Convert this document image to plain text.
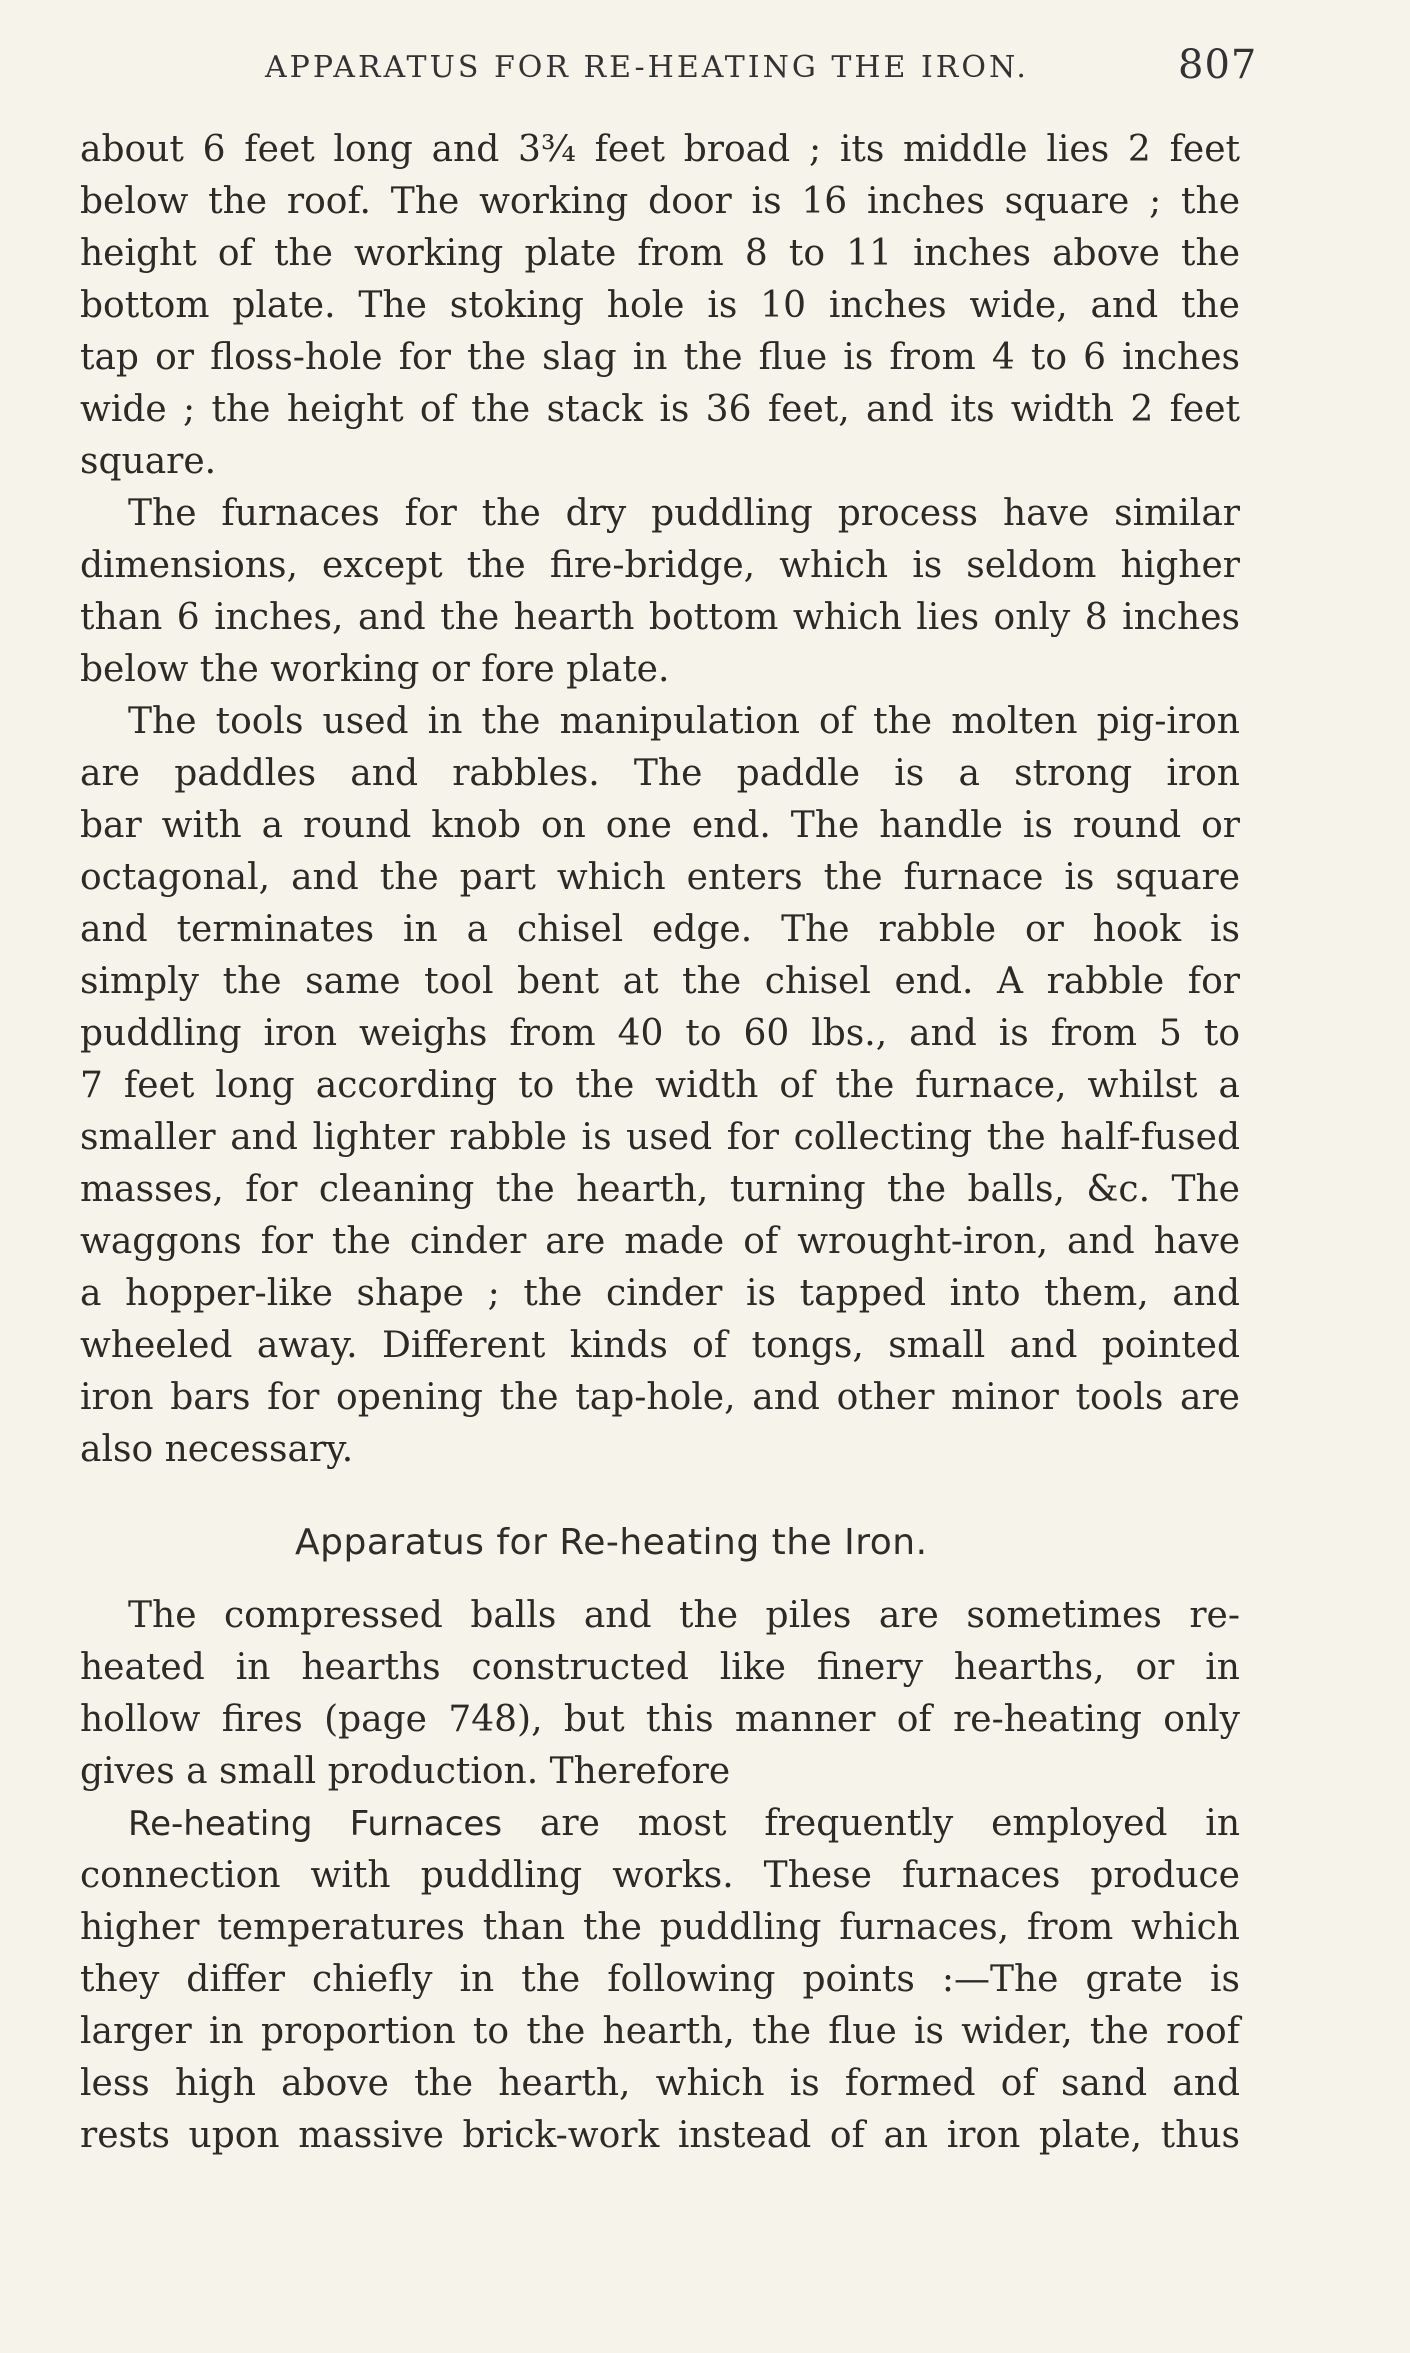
APPARATUS FOR RE-HEATING THE IRON.	807
about 6 feet long and 3¾ feet broad ; its middle lies 2 feet
below the roof. The working door is 16 inches square ; the
height of the working plate from 8 to 11 inches above the
bottom plate. The stoking hole is 10 inches wide, and the
tap or floss-hole for the slag in the flue is from 4 to 6 inches
wide ; the height of the stack is 36 feet, and its width 2 feet
square.
The furnaces for the dry puddling process have similar
dimensions, except the fire-bridge, which is seldom higher
than 6 inches, and the hearth bottom which lies only 8 inches
below the working or fore plate.
The tools used in the manipulation of the molten pig-iron
are paddles and rabbles. The paddle is a strong iron
bar with a round knob on one end. The handle is round or
octagonal, and the part which enters the furnace is square
and terminates in a chisel edge. The rabble or hook is
simply the same tool bent at the chisel end. A rabble for
puddling iron weighs from 40 to 60 lbs., and is from 5 to
7 feet long according to the width of the furnace, whilst a
smaller and lighter rabble is used for collecting the half-fused
masses, for cleaning the hearth, turning the balls, &c. The
waggons for the cinder are made of wrought-iron, and have
a hopper-like shape ; the cinder is tapped into them, and
wheeled away. Different kinds of tongs, small and pointed
iron bars for opening the tap-hole, and other minor tools are
also necessary.
Apparatus for Re-heating the Iron.
The compressed balls and the piles are sometimes re-
heated in hearths constructed like finery hearths, or in
hollow fires (page 748), but this manner of re-heating only
gives a small production. Therefore
Re-heating Furnaces are most frequently employed in
connection with puddling works. These furnaces produce
higher temperatures than the puddling furnaces, from which
they differ chiefly in the following points :—The grate is
larger in proportion to the hearth, the flue is wider, the roof
less high above the hearth, which is formed of sand and
rests upon massive brick-work instead of an iron plate, thus
